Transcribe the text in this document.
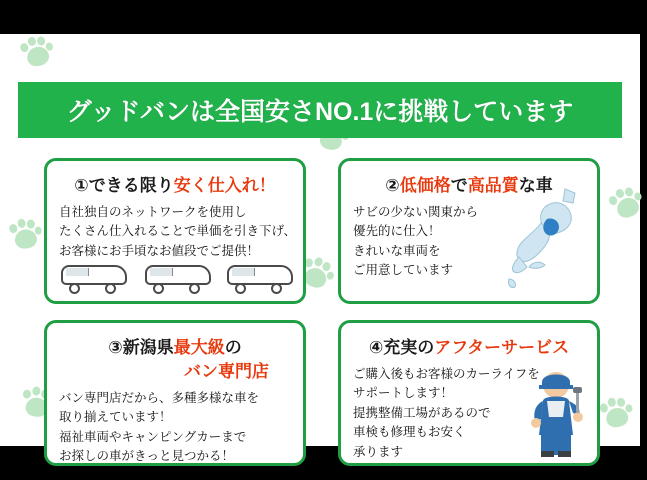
グッドバンは全国安さNO.1に挑戦しています
①できる限り安く仕入れ！
自社独自のネットワークを使用し
たくさん仕入れることで単価を引き下げ、
お客様にお手頃なお値段でご提供！
②低価格で高品質な車
サビの少ない関東から
優先的に仕入！
きれいな車両を
ご用意しています
③新潟県最大級の
バン専門店
バン専門店だから、多種多様な車を
取り揃えています！
福祉車両やキャンピングカーまで
お探しの車がきっと見つかる！
④充実のアフターサービス
ご購入後もお客様のカーライフを
サポートします！
提携整備工場があるので
車検も修理もお安く
承ります
